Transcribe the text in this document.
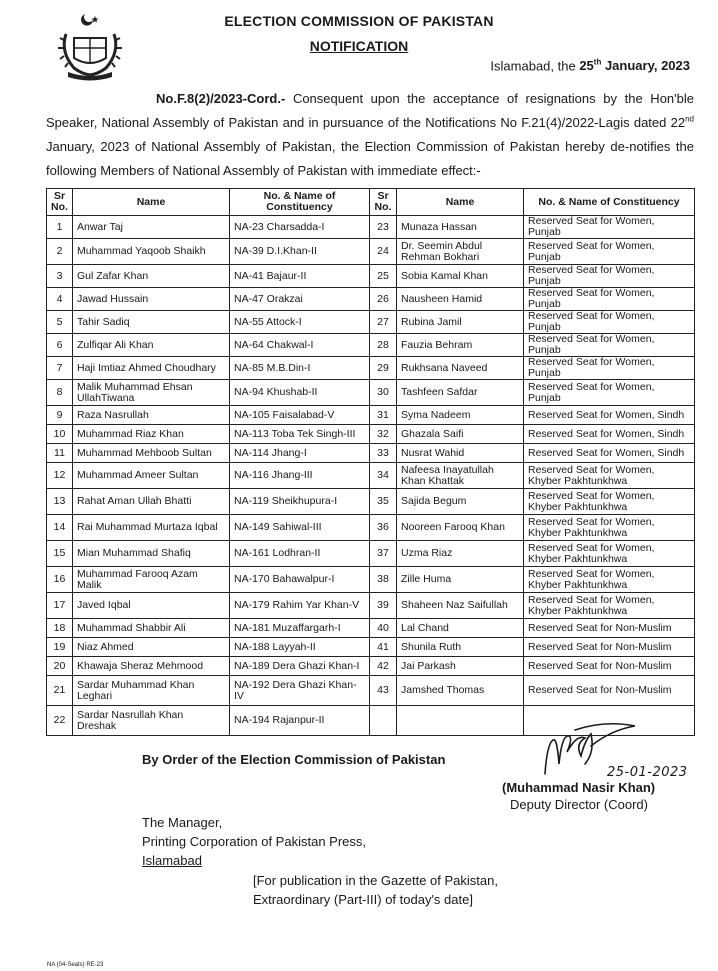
ELECTION COMMISSION OF PAKISTAN
NOTIFICATION
Islamabad, the 25th January, 2023
No.F.8(2)/2023-Cord.- Consequent upon the acceptance of resignations by the Hon'ble Speaker, National Assembly of Pakistan and in pursuance of the Notifications No F.21(4)/2022-Lagis dated 22nd January, 2023 of National Assembly of Pakistan, the Election Commission of Pakistan hereby de-notifies the following Members of National Assembly of Pakistan with immediate effect:-
Sr No.	Name	No. & Name of Constituency	Sr No.	Name	No. & Name of Constituency
1	Anwar Taj	NA-23 Charsadda-I	23	Munaza Hassan	Reserved Seat for Women, Punjab
2	Muhammad Yaqoob Shaikh	NA-39 D.I.Khan-II	24	Dr. Seemin Abdul Rehman Bokhari	Reserved Seat for Women, Punjab
3	Gul Zafar Khan	NA-41 Bajaur-II	25	Sobia Kamal Khan	Reserved Seat for Women, Punjab
4	Jawad Hussain	NA-47 Orakzai	26	Nausheen Hamid	Reserved Seat for Women, Punjab
5	Tahir Sadiq	NA-55 Attock-I	27	Rubina Jamil	Reserved Seat for Women, Punjab
6	Zulfiqar Ali Khan	NA-64 Chakwal-I	28	Fauzia Behram	Reserved Seat for Women, Punjab
7	Haji Imtiaz Ahmed Choudhary	NA-85 M.B.Din-I	29	Rukhsana Naveed	Reserved Seat for Women, Punjab
8	Malik Muhammad Ehsan UllahTiwana	NA-94 Khushab-II	30	Tashfeen Safdar	Reserved Seat for Women, Punjab
9	Raza Nasrullah	NA-105 Faisalabad-V	31	Syma Nadeem	Reserved Seat for Women, Sindh
10	Muhammad Riaz Khan	NA-113 Toba Tek Singh-III	32	Ghazala Saifi	Reserved Seat for Women, Sindh
11	Muhammad Mehboob Sultan	NA-114 Jhang-I	33	Nusrat Wahid	Reserved Seat for Women, Sindh
12	Muhammad Ameer Sultan	NA-116 Jhang-III	34	Nafeesa Inayatullah Khan Khattak	Reserved Seat for Women, Khyber Pakhtunkhwa
13	Rahat Aman Ullah Bhatti	NA-119 Sheikhupura-I	35	Sajida Begum	Reserved Seat for Women, Khyber Pakhtunkhwa
14	Rai Muhammad Murtaza Iqbal	NA-149 Sahiwal-III	36	Nooreen Farooq Khan	Reserved Seat for Women, Khyber Pakhtunkhwa
15	Mian Muhammad Shafiq	NA-161 Lodhran-II	37	Uzma Riaz	Reserved Seat for Women, Khyber Pakhtunkhwa
16	Muhammad Farooq Azam Malik	NA-170 Bahawalpur-I	38	Zille Huma	Reserved Seat for Women, Khyber Pakhtunkhwa
17	Javed Iqbal	NA-179 Rahim Yar Khan-V	39	Shaheen Naz Saifullah	Reserved Seat for Women, Khyber Pakhtunkhwa
18	Muhammad Shabbir Ali	NA-181 Muzaffargarh-I	40	Lal Chand	Reserved Seat for Non-Muslim
19	Niaz Ahmed	NA-188 Layyah-II	41	Shunila Ruth	Reserved Seat for Non-Muslim
20	Khawaja Sheraz Mehmood	NA-189 Dera Ghazi Khan-I	42	Jai Parkash	Reserved Seat for Non-Muslim
21	Sardar Muhammad Khan Leghari	NA-192 Dera Ghazi Khan-IV	43	Jamshed Thomas	Reserved Seat for Non-Muslim
22	Sardar Nasrullah Khan Dreshak	NA-194 Rajanpur-II			
By Order of the Election Commission of Pakistan
25-01-2023
(Muhammad Nasir Khan)
Deputy Director (Coord)
The Manager,
Printing Corporation of Pakistan Press,
Islamabad
[For publication in the Gazette of Pakistan,
Extraordinary (Part-III) of today's date]
NA (04-Seats) RE-23
